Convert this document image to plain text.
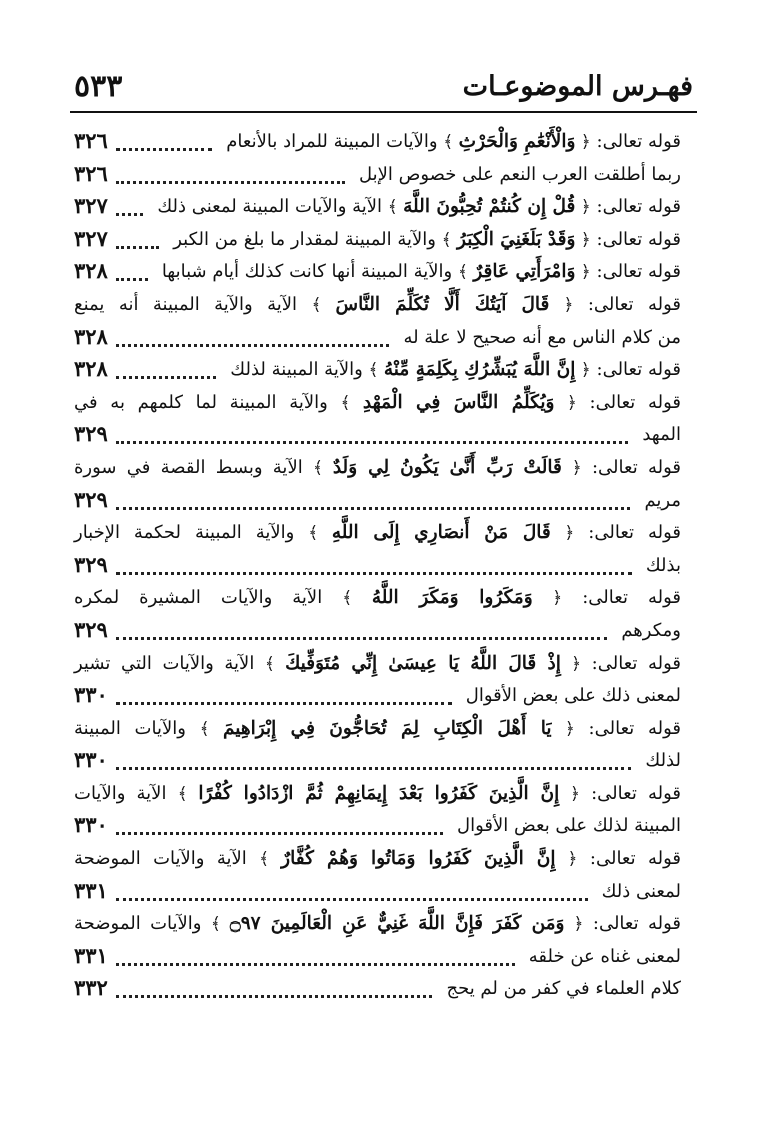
٥٣٣	فهـرس الموضوعـات
قوله تعالى: ﴿ وَالْأَنْعَٰمِ وَالْحَرْثِ ﴾ والآيات المبينة للمراد بالأنعام
٣٢٦
ربما أطلقت العرب النعم على خصوص الإبل
٣٢٦
قوله تعالى: ﴿ قُلْ إِن كُنتُمْ تُحِبُّونَ اللَّهَ ﴾ الآية والآيات المبينة لمعنى ذلك
٣٢٧
قوله تعالى: ﴿ وَقَدْ بَلَغَنِيَ الْكِبَرُ ﴾ والآية المبينة لمقدار ما بلغ من الكبر
٣٢٧
قوله تعالى: ﴿ وَامْرَأَتِي عَاقِرٌ ﴾ والآية المبينة أنها كانت كذلك أيام شبابها
٣٢٨
قوله تعالى: ﴿ قَالَ آيَتُكَ أَلَّا تُكَلِّمَ النَّاسَ ﴾ الآية والآية المبينة أنه يمنع
من كلام الناس مع أنه صحيح لا علة له
٣٢٨
قوله تعالى: ﴿ إِنَّ اللَّهَ يُبَشِّرُكِ بِكَلِمَةٍ مِّنْهُ ﴾ والآية المبينة لذلك
٣٢٨
قوله تعالى: ﴿ وَيُكَلِّمُ النَّاسَ فِي الْمَهْدِ ﴾ والآية المبينة لما كلمهم به في
المهد
٣٢٩
قوله تعالى: ﴿ قَالَتْ رَبِّ أَنَّىٰ يَكُونُ لِي وَلَدٌ ﴾ الآية وبسط القصة في سورة
مريم
٣٢٩
قوله تعالى: ﴿ قَالَ مَنْ أَنصَارِي إِلَى اللَّهِ ﴾ والآية المبينة لحكمة الإخبار
بذلك
٣٢٩
قوله تعالى: ﴿ وَمَكَرُوا وَمَكَرَ اللَّهُ ﴾ الآية والآيات المشيرة لمكره
ومكرهم
٣٢٩
قوله تعالى: ﴿ إِذْ قَالَ اللَّهُ يَا عِيسَىٰ إِنِّي مُتَوَفِّيكَ ﴾ الآية والآيات التي تشير
لمعنى ذلك على بعض الأقوال
٣٣٠
قوله تعالى: ﴿ يَا أَهْلَ الْكِتَابِ لِمَ تُحَاجُّونَ فِي إِبْرَاهِيمَ ﴾ والآيات المبينة
لذلك
٣٣٠
قوله تعالى: ﴿ إِنَّ الَّذِينَ كَفَرُوا بَعْدَ إِيمَانِهِمْ ثُمَّ ازْدَادُوا كُفْرًا ﴾ الآية والآيات
المبينة لذلك على بعض الأقوال
٣٣٠
قوله تعالى: ﴿ إِنَّ الَّذِينَ كَفَرُوا وَمَاتُوا وَهُمْ كُفَّارٌ ﴾ الآية والآيات الموضحة
لمعنى ذلك
٣٣١
قوله تعالى: ﴿ وَمَن كَفَرَ فَإِنَّ اللَّهَ غَنِيٌّ عَنِ الْعَالَمِينَ ۝٩٧ ﴾ والآيات الموضحة
لمعنى غناه عن خلقه
٣٣١
كلام العلماء في كفر من لم يحج
٣٣٢
